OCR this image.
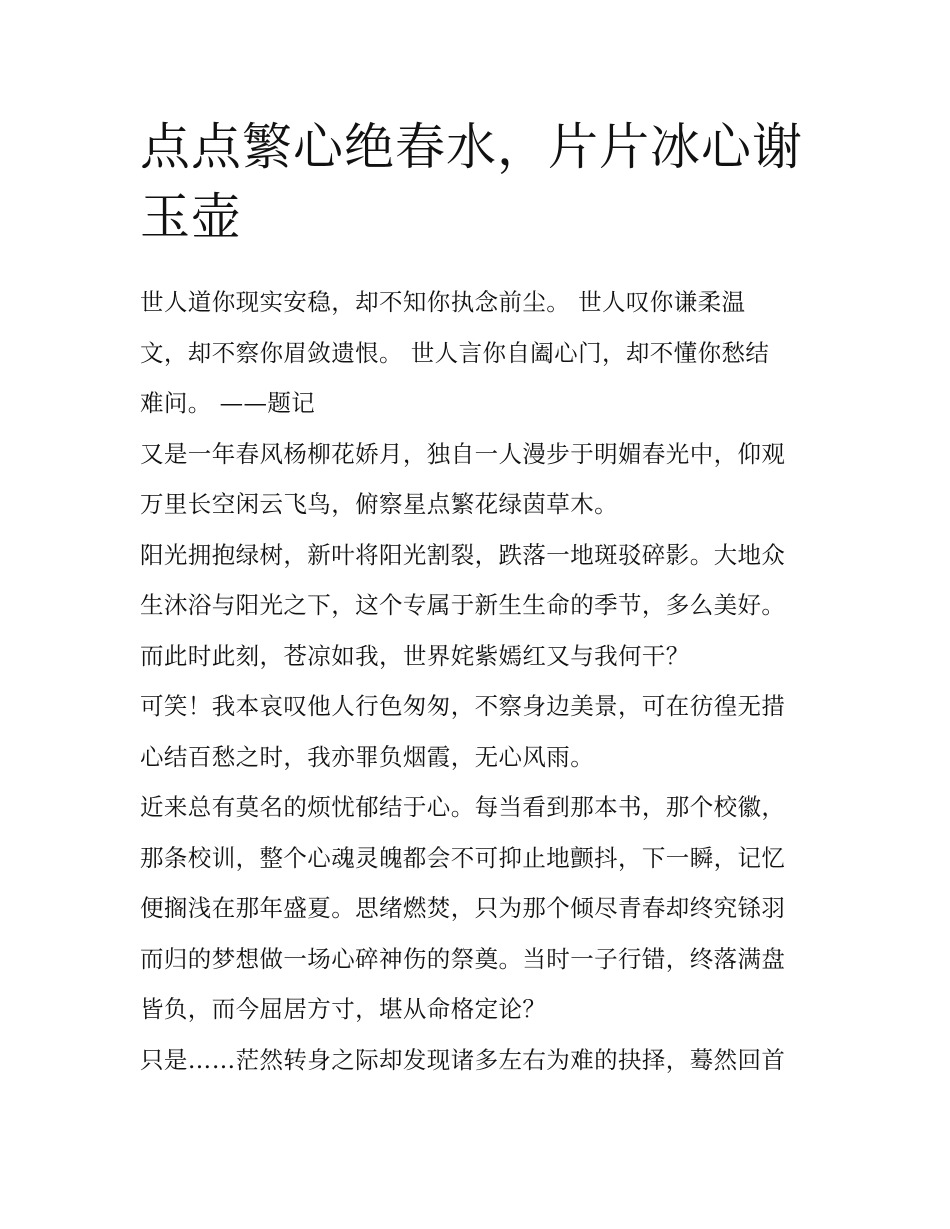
点点繁心绝春水，片片冰心谢
玉壶

世人道你现实安稳，却不知你执念前尘。 世人叹你谦柔温
文，却不察你眉敛遗恨。 世人言你自阖心门，却不懂你愁结
难问。 ——题记

又是一年春风杨柳花娇月，独自一人漫步于明媚春光中，仰观
万里长空闲云飞鸟，俯察星点繁花绿茵草木。

阳光拥抱绿树，新叶将阳光割裂，跌落一地斑驳碎影。大地众
生沐浴与阳光之下，这个专属于新生生命的季节，多么美好。
而此时此刻，苍凉如我，世界姹紫嫣红又与我何干？

可笑！我本哀叹他人行色匆匆，不察身边美景，可在彷徨无措
心结百愁之时，我亦罪负烟霞，无心风雨。

近来总有莫名的烦忧郁结于心。每当看到那本书，那个校徽，
那条校训，整个心魂灵魄都会不可抑止地颤抖，下一瞬，记忆
便搁浅在那年盛夏。思绪燃焚，只为那个倾尽青春却终究铩羽
而归的梦想做一场心碎神伤的祭奠。当时一子行错，终落满盘
皆负，而今屈居方寸，堪从命格定论？

只是……茫然转身之际却发现诸多左右为难的抉择，蓦然回首
